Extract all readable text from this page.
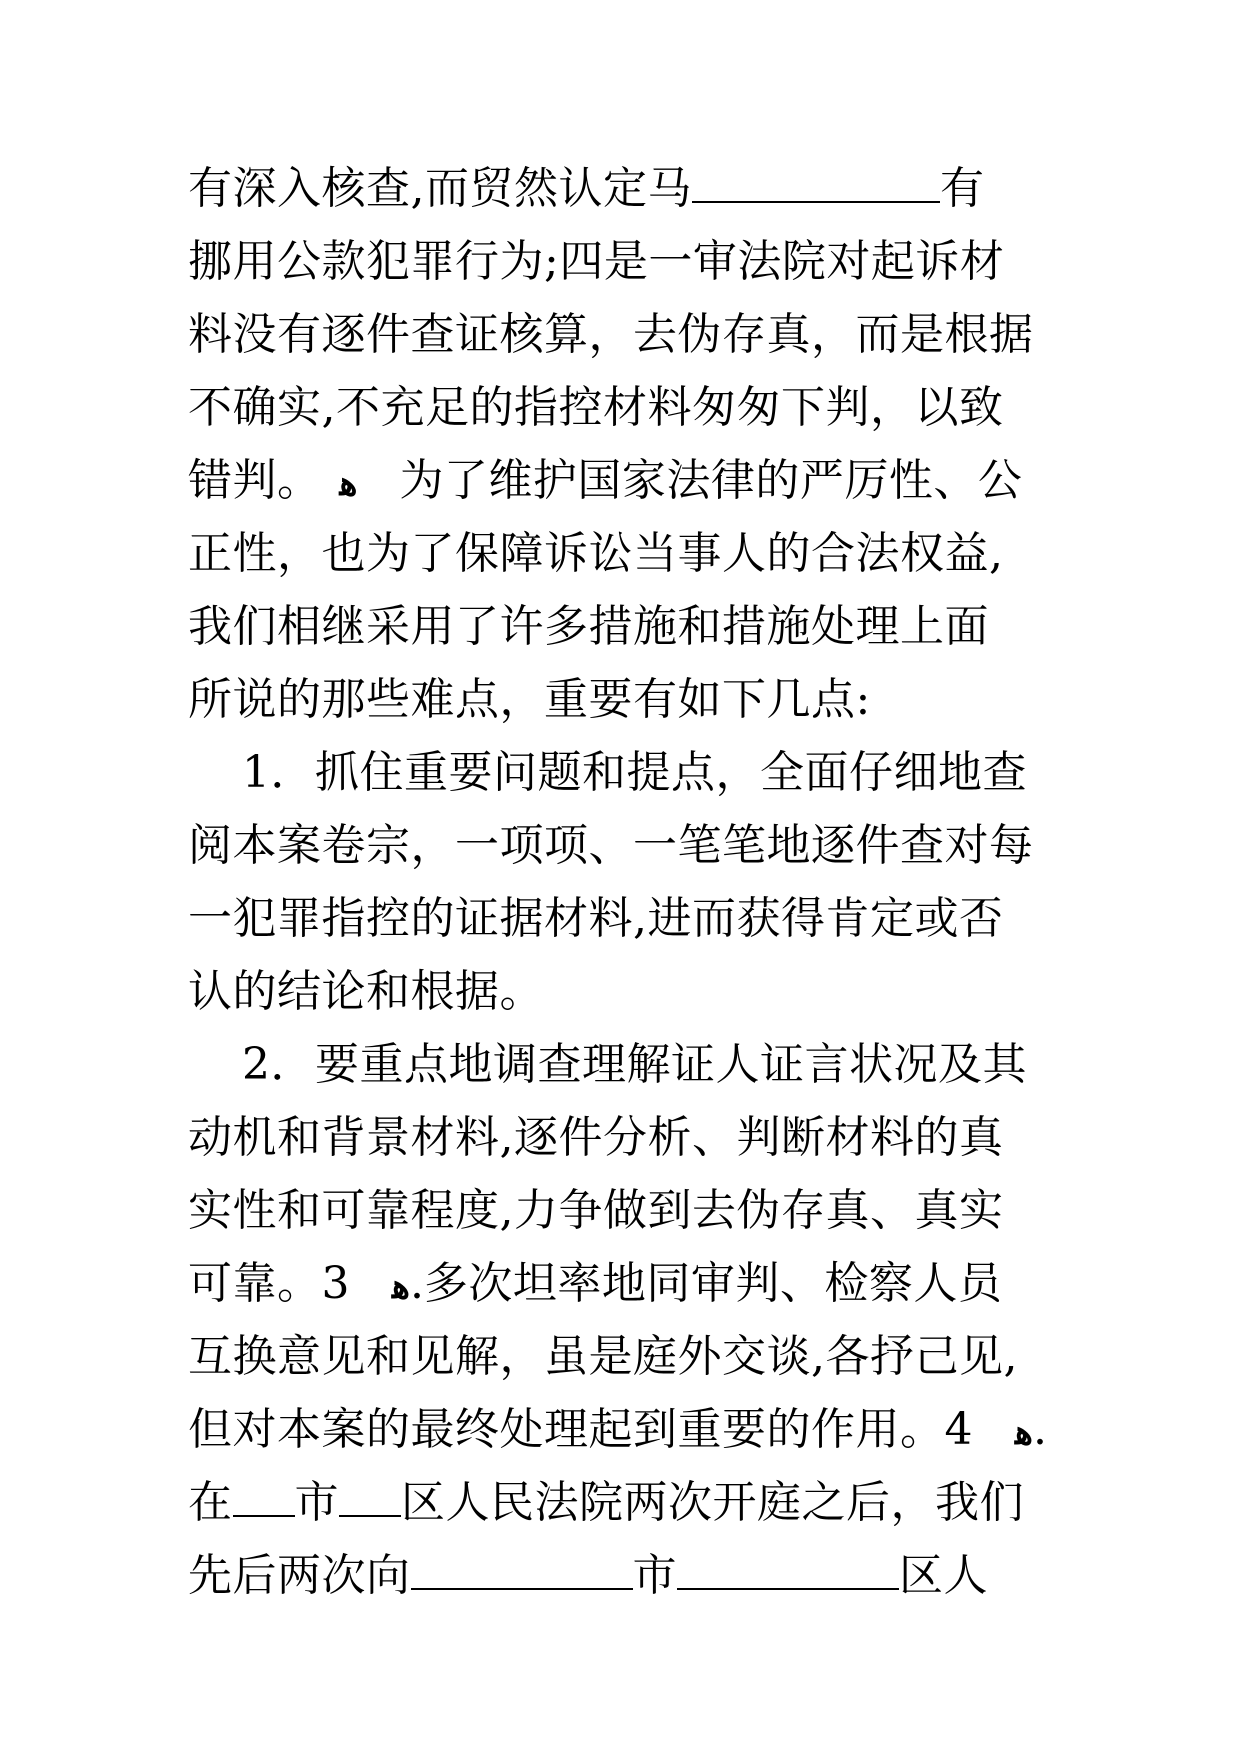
有深入核查,而贸然认定马	有
挪用公款犯罪行为;四是一审法院对起诉材
料没有逐件查证核算，去伪存真，而是根据
不确实,不充足的指控材料匆匆下判，以致
错判。 ﻫ 为了维护国家法律的严厉性、公
正性，也为了保障诉讼当事人的合法权益,
我们相继采用了许多措施和措施处理上面
所说的那些难点，重要有如下几点:
1．抓住重要问题和提点，全面仔细地查
阅本案卷宗，一项项、一笔笔地逐件查对每
一犯罪指控的证据材料,进而获得肯定或否
认的结论和根据。
2．要重点地调查理解证人证言状况及其
动机和背景材料,逐件分析、判断材料的真
实性和可靠程度,力争做到去伪存真、真实
可靠。3 ﻫ.多次坦率地同审判、检察人员
互换意见和见解，虽是庭外交谈,各抒己见,
但对本案的最终处理起到重要的作用。4 ﻫ.
在 市 区人民法院两次开庭之后，我们
先后两次向	市	区人
